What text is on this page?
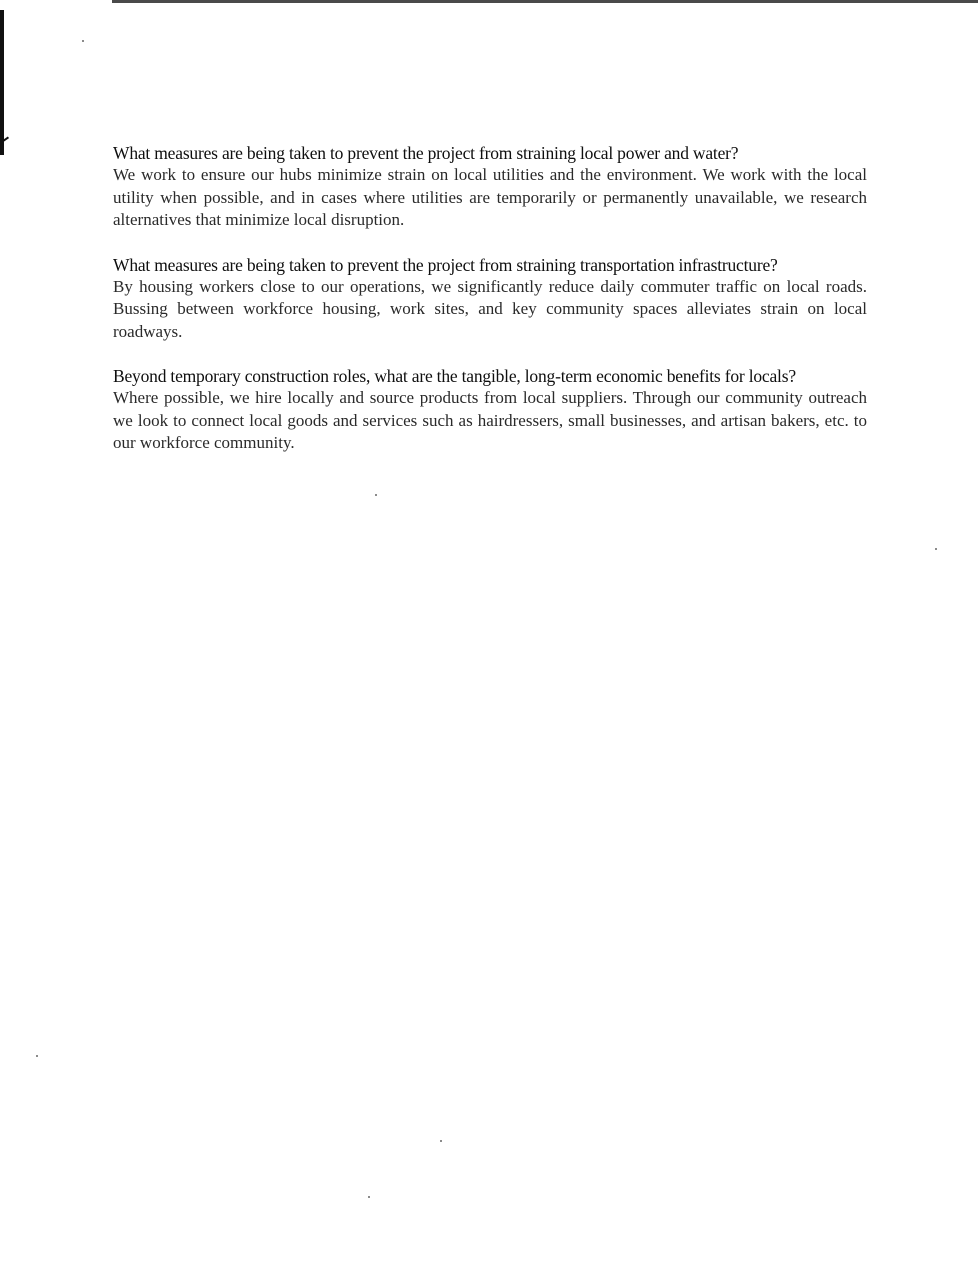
What measures are being taken to prevent the project from straining local power and water?

We work to ensure our hubs minimize strain on local utilities and the environment. We work with the local utility when possible, and in cases where utilities are temporarily or permanently unavailable, we research alternatives that minimize local disruption.

What measures are being taken to prevent the project from straining transportation infrastructure?

By housing workers close to our operations, we significantly reduce daily commuter traffic on local roads. Bussing between workforce housing, work sites, and key community spaces alleviates strain on local roadways.

Beyond temporary construction roles, what are the tangible, long-term economic benefits for locals?

Where possible, we hire locally and source products from local suppliers. Through our community outreach we look to connect local goods and services such as hairdressers, small businesses, and artisan bakers, etc. to our workforce community.
